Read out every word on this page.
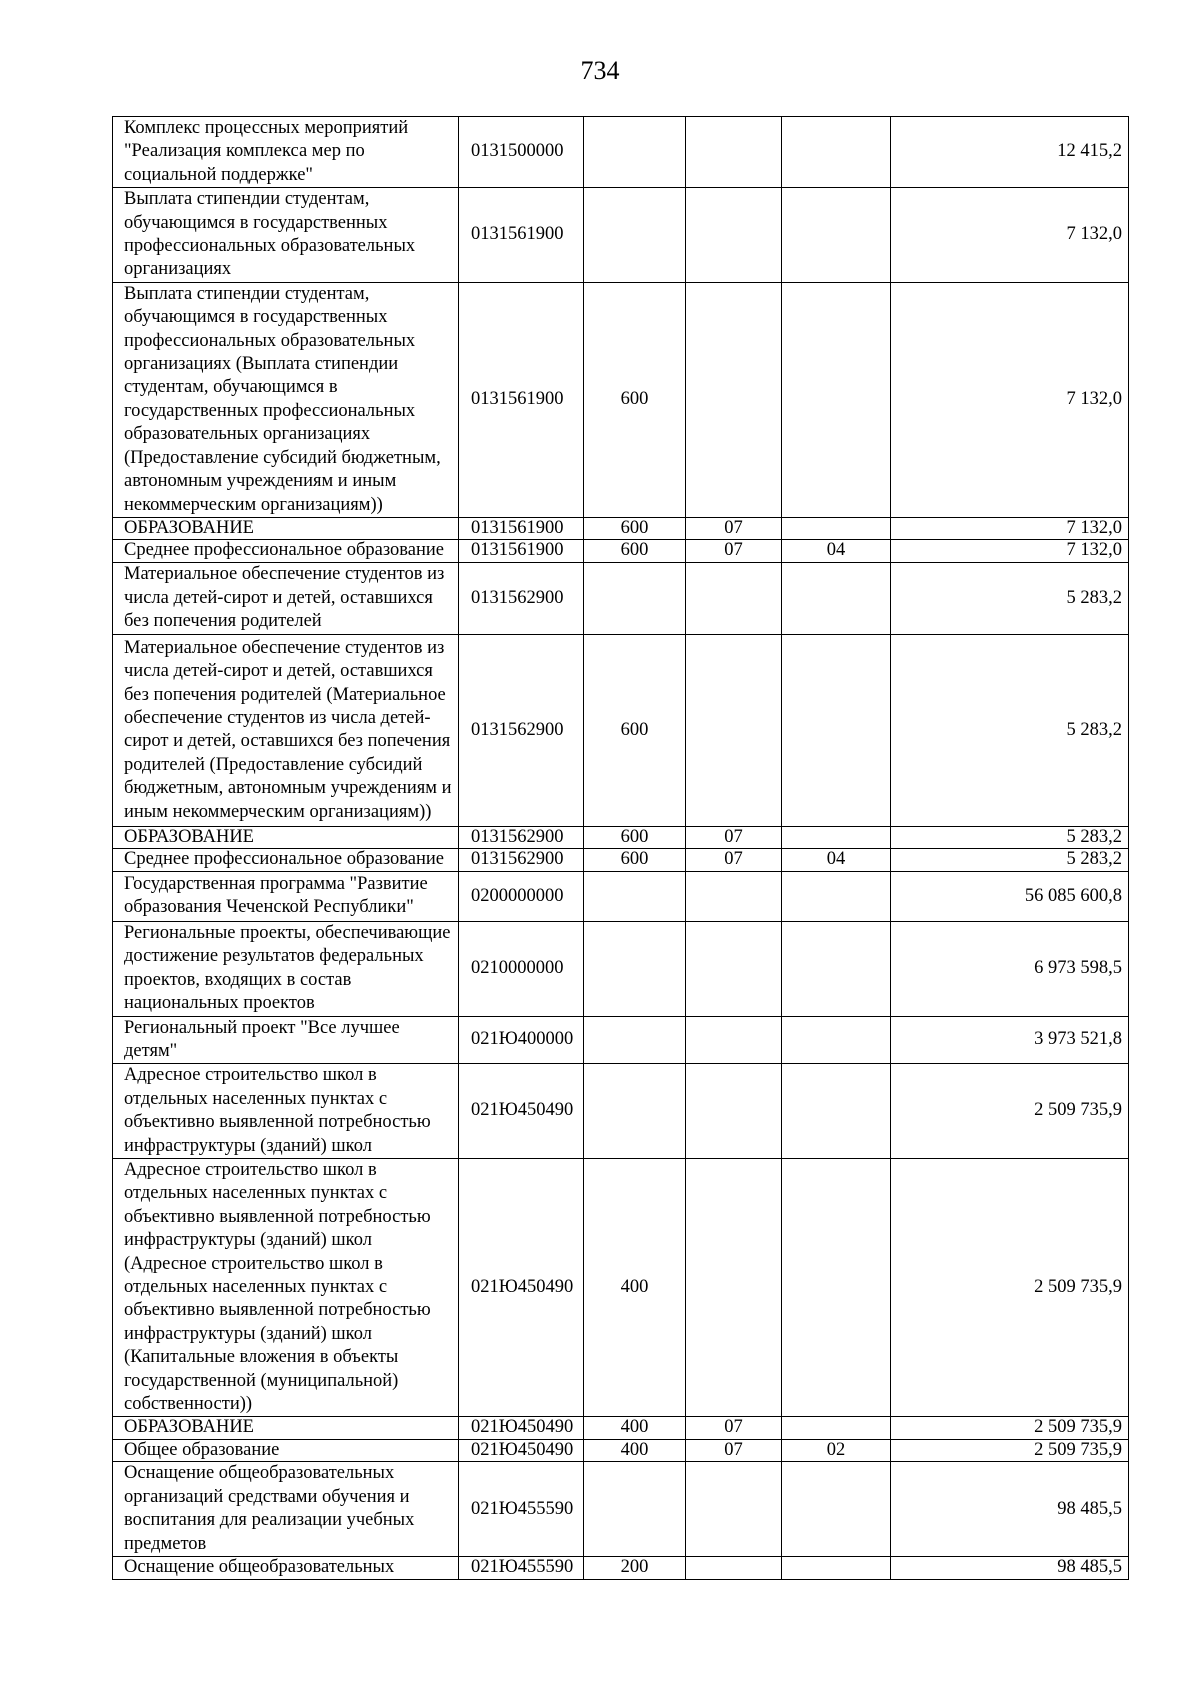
734
Комплекс процессных мероприятий "Реализация комплекса мер по социальной поддержке"	0131500000				12 415,2
Выплата стипендии студентам, обучающимся в государственных профессиональных образовательных организациях	0131561900				7 132,0
Выплата стипендии студентам, обучающимся в государственных профессиональных образовательных организациях (Выплата стипендии студентам, обучающимся в государственных профессиональных образовательных организациях (Предоставление субсидий бюджетным, автономным учреждениям и иным некоммерческим организациям))	0131561900	600			7 132,0
ОБРАЗОВАНИЕ	0131561900	600	07		7 132,0
Среднее профессиональное образование	0131561900	600	07	04	7 132,0
Материальное обеспечение студентов из числа детей-сирот и детей, оставшихся без попечения родителей	0131562900				5 283,2
Материальное обеспечение студентов из числа детей-сирот и детей, оставшихся без попечения родителей (Материальное обеспечение студентов из числа детей-сирот и детей, оставшихся без попечения родителей (Предоставление субсидий бюджетным, автономным учреждениям и иным некоммерческим организациям))	0131562900	600			5 283,2
ОБРАЗОВАНИЕ	0131562900	600	07		5 283,2
Среднее профессиональное образование	0131562900	600	07	04	5 283,2
Государственная программа "Развитие образования Чеченской Республики"	0200000000				56 085 600,8
Региональные проекты, обеспечивающие достижение результатов федеральных проектов, входящих в состав национальных проектов	0210000000				6 973 598,5
Региональный проект "Все лучшее детям"	021Ю400000				3 973 521,8
Адресное строительство школ в отдельных населенных пунктах с объективно выявленной потребностью инфраструктуры (зданий) школ	021Ю450490				2 509 735,9
Адресное строительство школ в отдельных населенных пунктах с объективно выявленной потребностью инфраструктуры (зданий) школ (Адресное строительство школ в отдельных населенных пунктах с объективно выявленной потребностью инфраструктуры (зданий) школ (Капитальные вложения в объекты государственной (муниципальной) собственности))	021Ю450490	400			2 509 735,9
ОБРАЗОВАНИЕ	021Ю450490	400	07		2 509 735,9
Общее образование	021Ю450490	400	07	02	2 509 735,9
Оснащение общеобразовательных организаций средствами обучения и воспитания для реализации учебных предметов	021Ю455590				98 485,5
Оснащение общеобразовательных	021Ю455590	200			98 485,5
